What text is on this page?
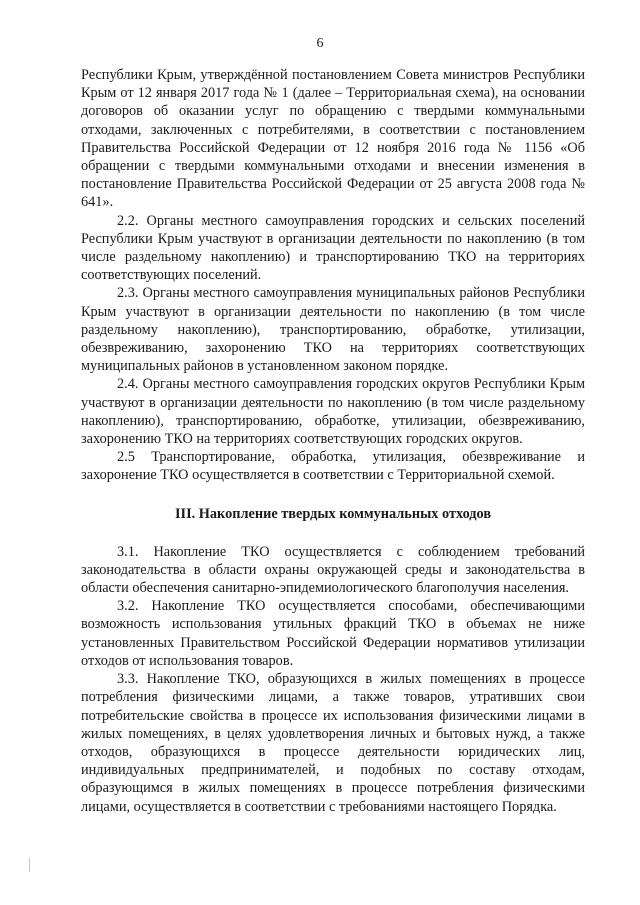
6

Республики Крым, утверждённой постановлением Совета министров Республики Крым от 12 января 2017 года № 1 (далее – Территориальная схема), на основании договоров об оказании услуг по обращению с твердыми коммунальными отходами, заключенных с потребителями, в соответствии с постановлением Правительства Российской Федерации от 12 ноября 2016 года № 1156 «Об обращении с твердыми коммунальными отходами и внесении изменения в постановление Правительства Российской Федерации от 25 августа 2008 года № 641».

2.2. Органы местного самоуправления городских и сельских поселений Республики Крым участвуют в организации деятельности по накоплению (в том числе раздельному накоплению) и транспортированию ТКО на территориях соответствующих поселений.

2.3. Органы местного самоуправления муниципальных районов Республики Крым участвуют в организации деятельности по накоплению (в том числе раздельному накоплению), транспортированию, обработке, утилизации, обезвреживанию, захоронению ТКО на территориях соответствующих муниципальных районов в установленном законом порядке.

2.4. Органы местного самоуправления городских округов Республики Крым участвуют в организации деятельности по накоплению (в том числе раздельному накоплению), транспортированию, обработке, утилизации, обезвреживанию, захоронению ТКО на территориях соответствующих городских округов.

2.5 Транспортирование, обработка, утилизация, обезвреживание и захоронение ТКО осуществляется в соответствии с Территориальной схемой.

III. Накопление твердых коммунальных отходов

3.1. Накопление ТКО осуществляется с соблюдением требований законодательства в области охраны окружающей среды и законодательства в области обеспечения санитарно-эпидемиологического благополучия населения.

3.2. Накопление ТКО осуществляется способами, обеспечивающими возможность использования утильных фракций ТКО в объемах не ниже установленных Правительством Российской Федерации нормативов утилизации отходов от использования товаров.

3.3. Накопление ТКО, образующихся в жилых помещениях в процессе потребления физическими лицами, а также товаров, утративших свои потребительские свойства в процессе их использования физическими лицами в жилых помещениях, в целях удовлетворения личных и бытовых нужд, а также отходов, образующихся в процессе деятельности юридических лиц, индивидуальных предпринимателей, и подобных по составу отходам, образующимся в жилых помещениях в процессе потребления физическими лицами, осуществляется в соответствии с требованиями настоящего Порядка.
